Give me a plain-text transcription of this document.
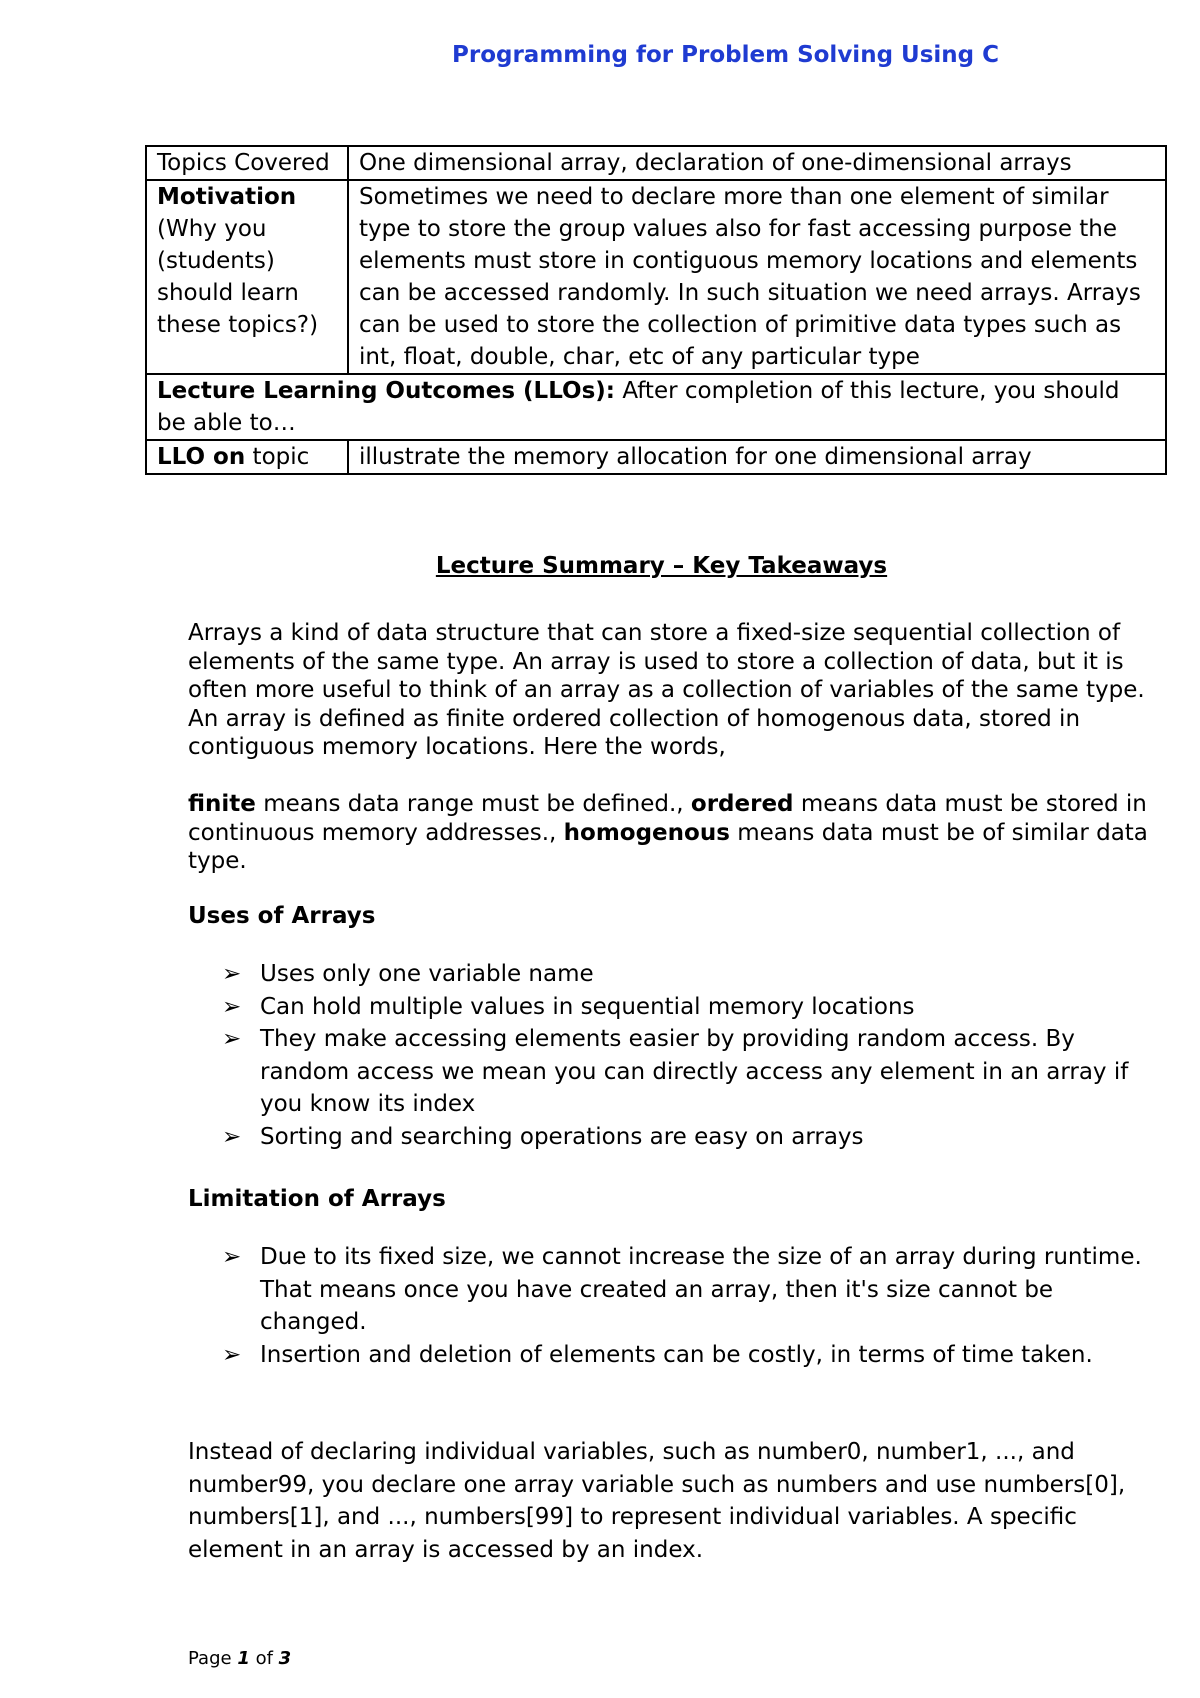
Programming for Problem Solving Using C
Topics Covered	One dimensional array, declaration of one-dimensional arrays
Motivation
(Why you (students) should learn these topics?)	Sometimes we need to declare more than one element of similar type to store the group values also for fast accessing purpose the elements must store in contiguous memory locations and elements can be accessed randomly. In such situation we need arrays. Arrays can be used to store the collection of primitive data types such as int, float, double, char, etc of any particular type
Lecture Learning Outcomes (LLOs): After completion of this lecture, you should be able to…	
LLO on topic	illustrate the memory allocation for one dimensional array
Lecture Summary – Key Takeaways
Arrays a kind of data structure that can store a fixed-size sequential collection of elements of the same type. An array is used to store a collection of data, but it is often more useful to think of an array as a collection of variables of the same type. An array is defined as finite ordered collection of homogenous data, stored in contiguous memory locations. Here the words,
finite means data range must be defined., ordered means data must be stored in continuous memory addresses., homogenous means data must be of similar data type.
Uses of Arrays
➢ Uses only one variable name
➢ Can hold multiple values in sequential memory locations
➢ They make accessing elements easier by providing random access. By random access we mean you can directly access any element in an array if you know its index
➢ Sorting and searching operations are easy on arrays
Limitation of Arrays
➢ Due to its fixed size, we cannot increase the size of an array during runtime. That means once you have created an array, then it's size cannot be changed.
➢ Insertion and deletion of elements can be costly, in terms of time taken.
Instead of declaring individual variables, such as number0, number1, ..., and number99, you declare one array variable such as numbers and use numbers[0], numbers[1], and ..., numbers[99] to represent individual variables. A specific element in an array is accessed by an index.
Page 1 of 3
